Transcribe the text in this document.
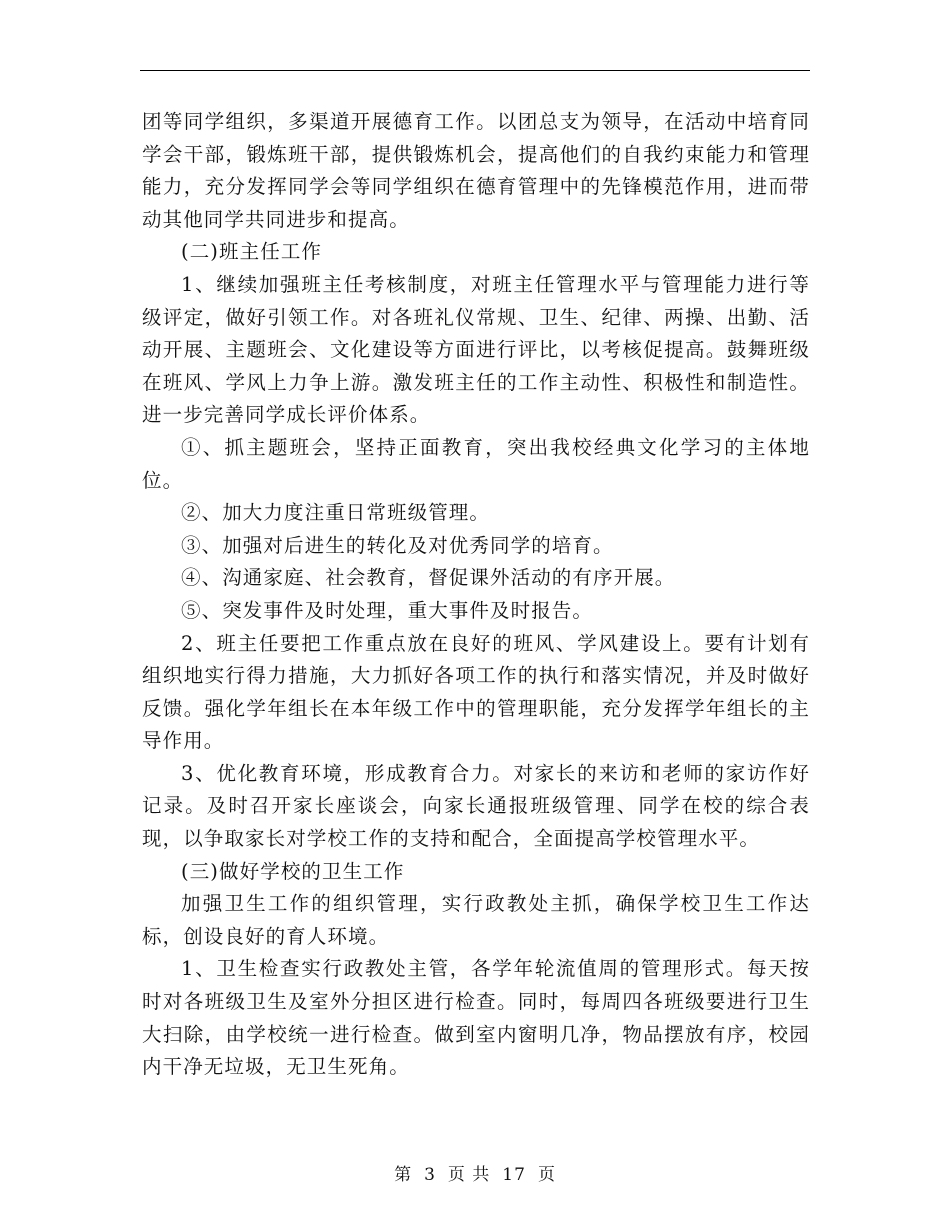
团等同学组织，多渠道开展德育工作。以团总支为领导，在活动中培育同学会干部，锻炼班干部，提供锻炼机会，提高他们的自我约束能力和管理能力，充分发挥同学会等同学组织在德育管理中的先锋模范作用，进而带动其他同学共同进步和提高。

(二)班主任工作

1、继续加强班主任考核制度，对班主任管理水平与管理能力进行等级评定，做好引领工作。对各班礼仪常规、卫生、纪律、两操、出勤、活动开展、主题班会、文化建设等方面进行评比，以考核促提高。鼓舞班级在班风、学风上力争上游。激发班主任的工作主动性、积极性和制造性。进一步完善同学成长评价体系。

①、抓主题班会，坚持正面教育，突出我校经典文化学习的主体地位。

②、加大力度注重日常班级管理。

③、加强对后进生的转化及对优秀同学的培育。

④、沟通家庭、社会教育，督促课外活动的有序开展。

⑤、突发事件及时处理，重大事件及时报告。

2、班主任要把工作重点放在良好的班风、学风建设上。要有计划有组织地实行得力措施，大力抓好各项工作的执行和落实情况，并及时做好反馈。强化学年组长在本年级工作中的管理职能，充分发挥学年组长的主导作用。

3、优化教育环境，形成教育合力。对家长的来访和老师的家访作好记录。及时召开家长座谈会，向家长通报班级管理、同学在校的综合表现，以争取家长对学校工作的支持和配合，全面提高学校管理水平。

(三)做好学校的卫生工作

加强卫生工作的组织管理，实行政教处主抓，确保学校卫生工作达标，创设良好的育人环境。

1、卫生检查实行政教处主管，各学年轮流值周的管理形式。每天按时对各班级卫生及室外分担区进行检查。同时，每周四各班级要进行卫生大扫除，由学校统一进行检查。做到室内窗明几净，物品摆放有序，校园内干净无垃圾，无卫生死角。

第 3 页 共 17 页
